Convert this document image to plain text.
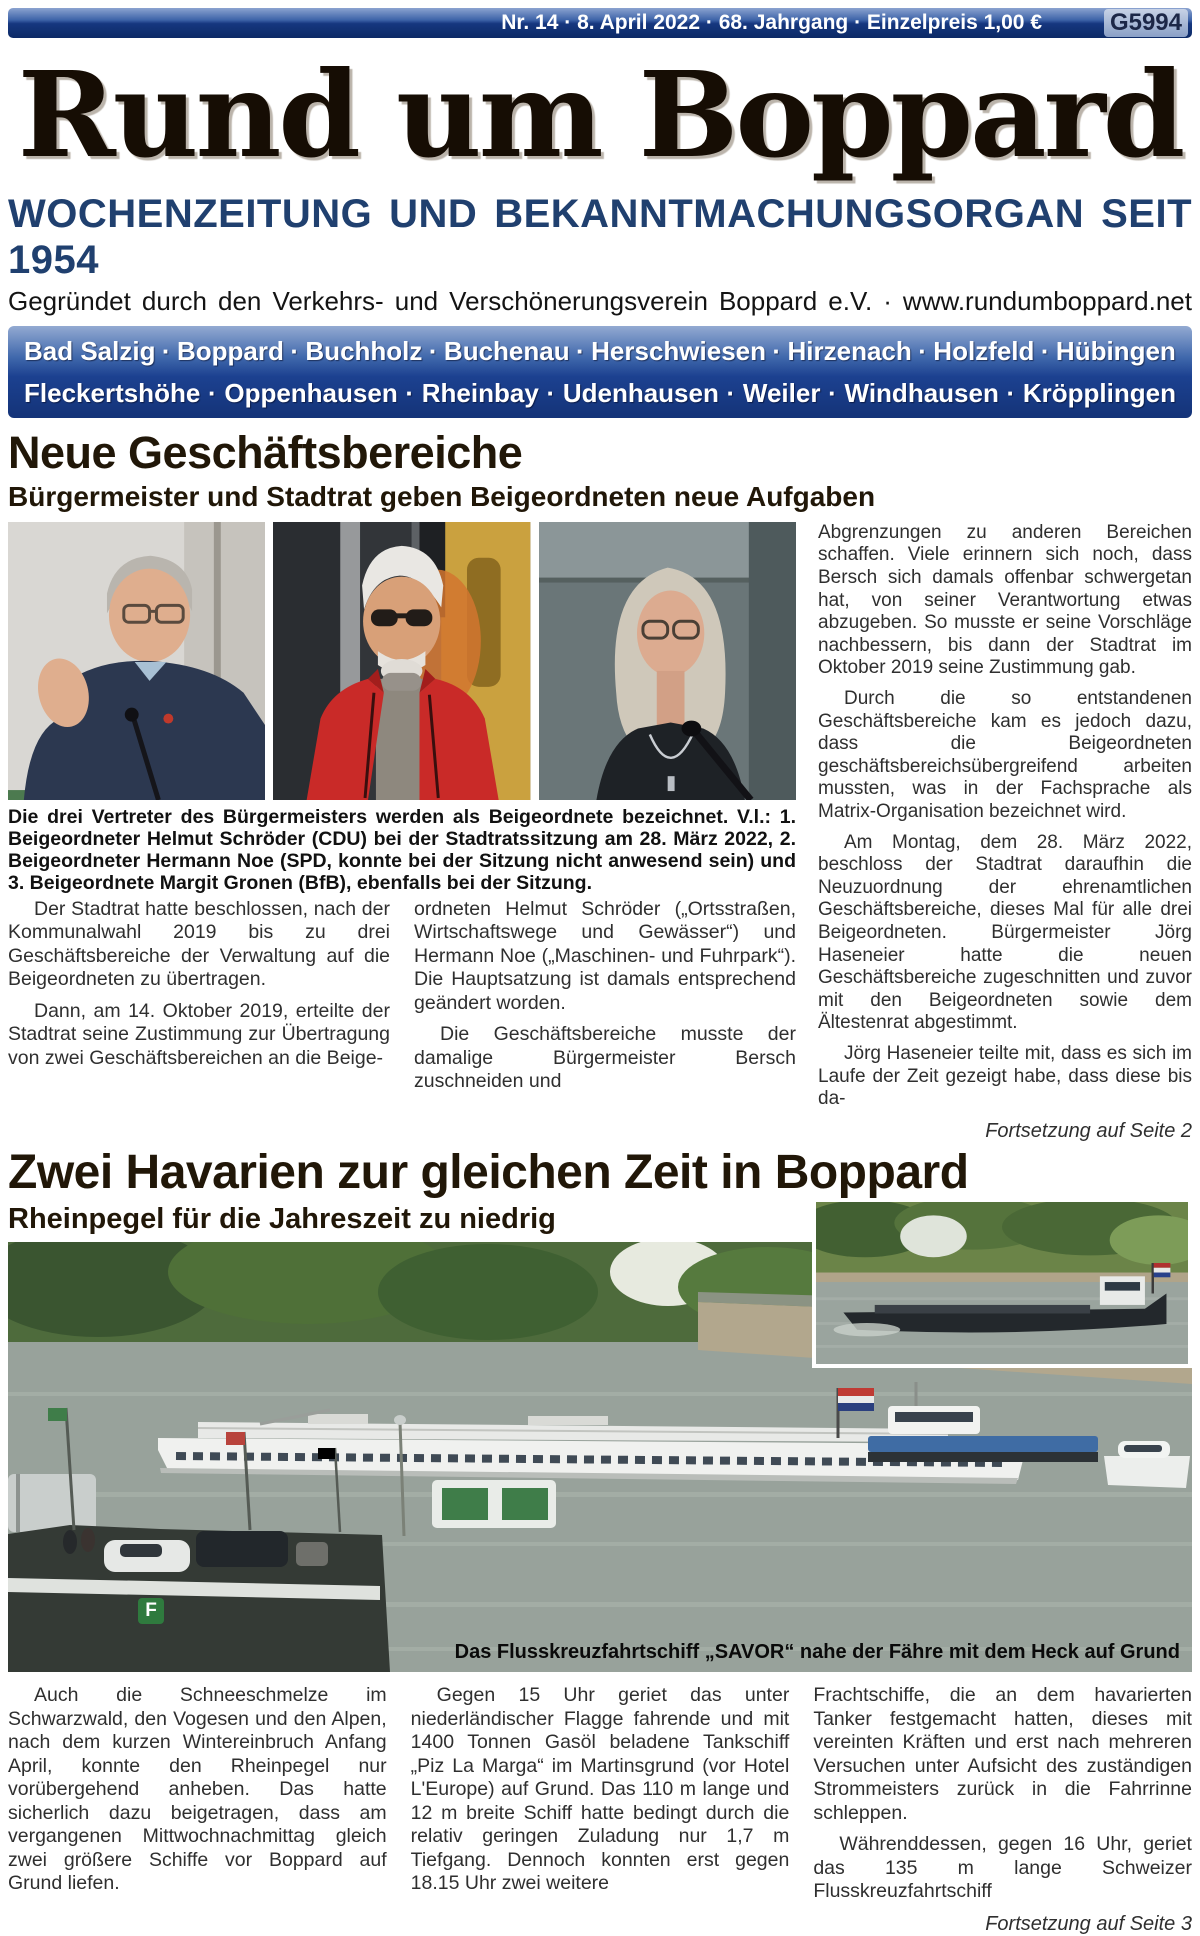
Nr. 14 · 8. April 2022 · 68. Jahrgang · Einzelpreis 1,00 €	G5994
Rund um Boppard
WOCHENZEITUNG UND BEKANNTMACHUNGSORGAN SEIT 1954
Gegründet durch den Verkehrs- und Verschönerungsverein Boppard e.V. · www.rundumboppard.net
Bad Salzig · Boppard · Buchholz · Buchenau · Herschwiesen · Hirzenach · Holzfeld · Hübingen
Fleckertshöhe · Oppenhausen · Rheinbay · Udenhausen · Weiler · Windhausen · Kröpplingen
Neue Geschäftsbereiche
Bürgermeister und Stadtrat geben Beigeordneten neue Aufgaben
Die drei Vertreter des Bürgermeisters werden als Beigeordnete bezeichnet. V.l.: 1. Beigeordneter Helmut Schröder (CDU) bei der Stadtratssitzung am 28. März 2022, 2. Beigeordneter Hermann Noe (SPD, konnte bei der Sitzung nicht anwesend sein) und 3. Beigeordnete Margit Gronen (BfB), ebenfalls bei der Sitzung.

Der Stadtrat hatte beschlossen, nach der Kommunalwahl 2019 bis zu drei Geschäftsbereiche der Verwaltung auf die Beigeordneten zu übertragen.

Dann, am 14. Oktober 2019, erteilte der Stadtrat seine Zustimmung zur Übertragung von zwei Geschäftsbereichen an die Beige-

ordneten Helmut Schröder („Ortsstraßen, Wirtschaftswege und Gewässer“) und Hermann Noe („Maschinen- und Fuhrpark“). Die Hauptsatzung ist damals entsprechend geändert worden.

Die Geschäftsbereiche musste der damalige Bürgermeister Bersch zuschneiden und

Abgrenzungen zu anderen Bereichen schaffen. Viele erinnern sich noch, dass Bersch sich damals offenbar schwergetan hat, von seiner Verantwortung etwas abzugeben. So musste er seine Vorschläge nachbessern, bis dann der Stadtrat im Oktober 2019 seine Zustimmung gab.

Durch die so entstandenen Geschäftsbereiche kam es jedoch dazu, dass die Beigeordneten geschäftsbereichsübergreifend arbeiten mussten, was in der Fachsprache als Matrix-Organisation bezeichnet wird.

Am Montag, dem 28. März 2022, beschloss der Stadtrat daraufhin die Neuzuordnung der ehrenamtlichen Geschäftsbereiche, dieses Mal für alle drei Beigeordneten. Bürgermeister Jörg Haseneier hatte die neuen Geschäftsbereiche zugeschnitten und zuvor mit den Beigeordneten sowie dem Ältestenrat abgestimmt.

Jörg Haseneier teilte mit, dass es sich im Laufe der Zeit gezeigt habe, dass diese bis da-

Fortsetzung auf Seite 2
Zwei Havarien zur gleichen Zeit in Boppard
Rheinpegel für die Jahreszeit zu niedrig
F
Das Flusskreuzfahrtschiff „SAVOR“ nahe der Fähre mit dem Heck auf Grund

Auch die Schneeschmelze im Schwarzwald, den Vogesen und den Alpen, nach dem kurzen Wintereinbruch Anfang April, konnte den Rheinpegel nur vorübergehend anheben. Das hatte sicherlich dazu beigetragen, dass am vergangenen Mittwochnachmittag gleich zwei größere Schiffe vor Boppard auf Grund liefen.

Gegen 15 Uhr geriet das unter niederländischer Flagge fahrende und mit 1400 Tonnen Gasöl beladene Tankschiff „Piz La Marga“ im Martinsgrund (vor Hotel L'Europe) auf Grund. Das 110 m lange und 12 m breite Schiff hatte bedingt durch die relativ geringen Zuladung nur 1,7 m Tiefgang. Dennoch konnten erst gegen 18.15 Uhr zwei weitere

Frachtschiffe, die an dem havarierten Tanker festgemacht hatten, dieses mit vereinten Kräften und erst nach mehreren Versuchen unter Aufsicht des zuständigen Strommeisters zurück in die Fahrrinne schleppen.

Währenddessen, gegen 16 Uhr, geriet das 135 m lange Schweizer Flusskreuzfahrtschiff

Fortsetzung auf Seite 3
